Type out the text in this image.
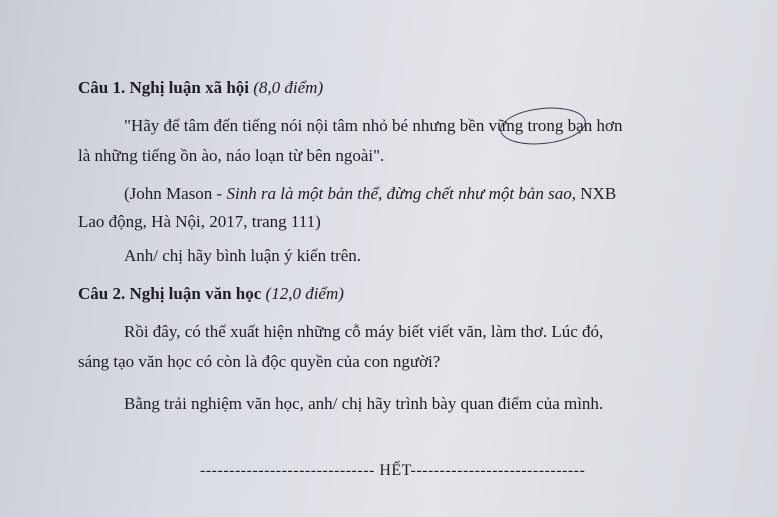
Câu 1. Nghị luận xã hội (8,0 điểm)
"Hãy để tâm đến tiếng nói nội tâm nhỏ bé nhưng bền vững trong bạn hơn
là những tiếng ồn ào, náo loạn từ bên ngoài".
(John Mason - Sinh ra là một bản thể, đừng chết như một bản sao, NXB
Lao động, Hà Nội, 2017, trang 111)
Anh/ chị hãy bình luận ý kiến trên.
Câu 2. Nghị luận văn học (12,0 điểm)
Rồi đây, có thể xuất hiện những cỗ máy biết viết văn, làm thơ. Lúc đó,
sáng tạo văn học có còn là độc quyền của con người?
Bằng trải nghiệm văn học, anh/ chị hãy trình bày quan điểm của mình.
------------------------------ HẾT------------------------------
